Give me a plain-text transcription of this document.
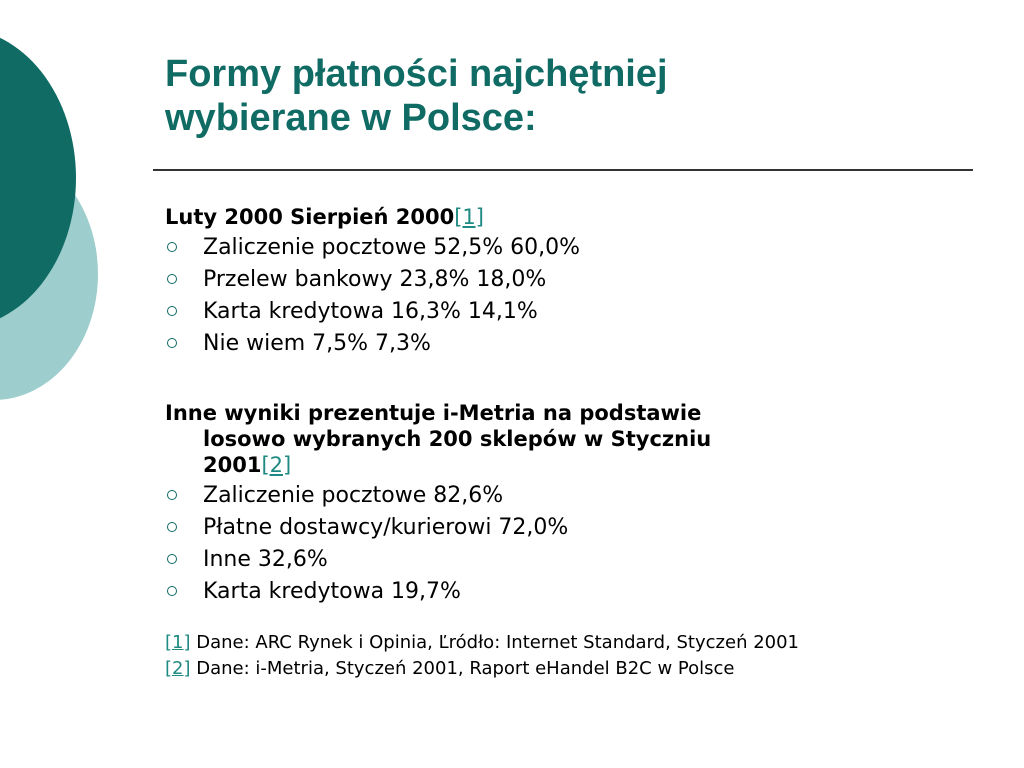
Formy płatności najchętniej
wybierane w Polsce:

Luty 2000 Sierpień 2000[1]

Zaliczenie pocztowe 52,5% 60,0%
Przelew bankowy 23,8% 18,0%
Karta kredytowa 16,3% 14,1%
Nie wiem 7,5% 7,3%

Inne wyniki prezentuje i-Metria na podstawie
losowo wybranych 200 sklepów w Styczniu
2001[2]

Zaliczenie pocztowe 82,6%
Płatne dostawcy/kurierowi 72,0%
Inne 32,6%
Karta kredytowa 19,7%

[1] Dane: ARC Rynek i Opinia, Ľródło: Internet Standard, Styczeń 2001

[2] Dane: i-Metria, Styczeń 2001, Raport eHandel B2C w Polsce
